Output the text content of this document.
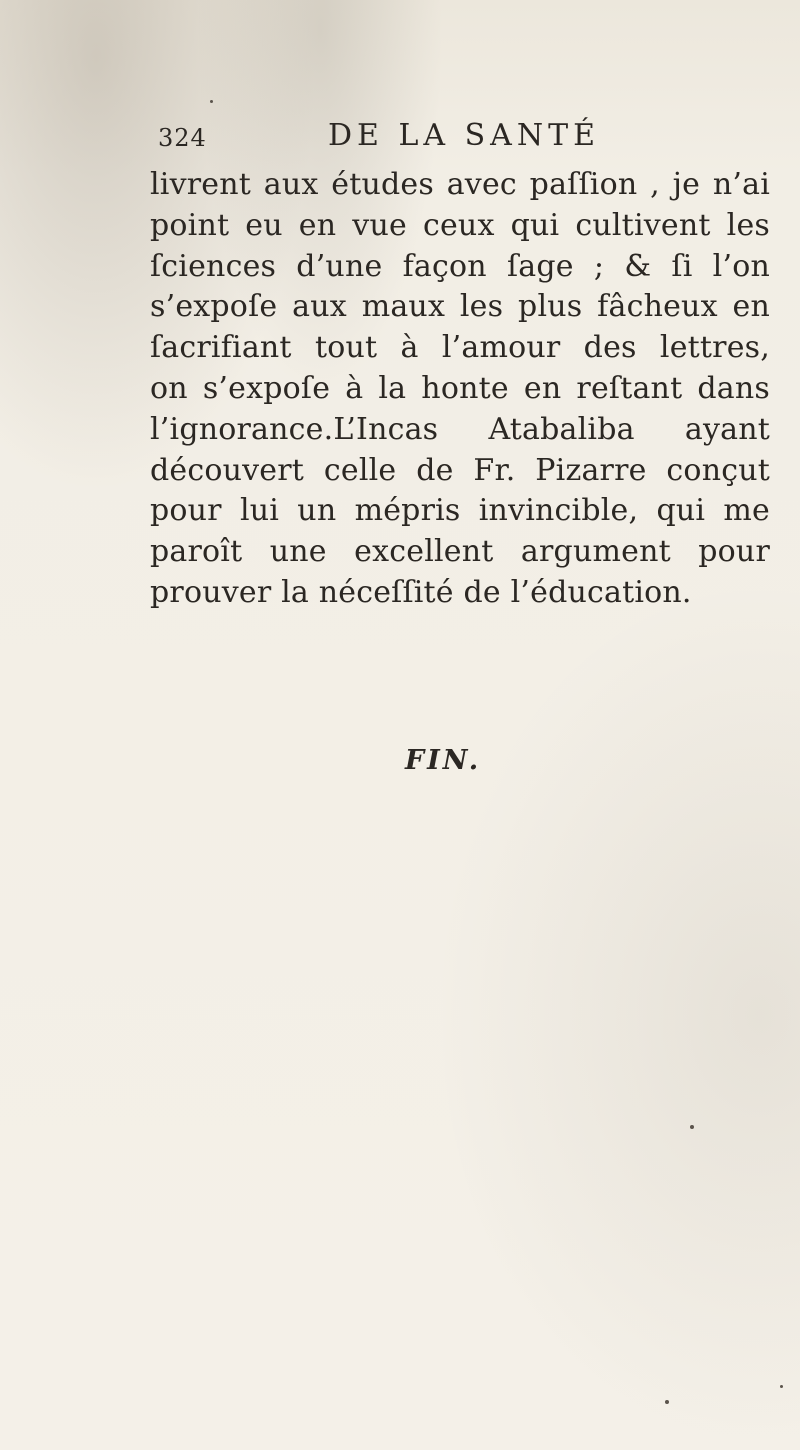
324	DE LA SANTÉ
livrent aux études avec paſſion , je n’ai
point eu en vue ceux qui cultivent les
ſciences d’une façon ſage ; & ſi l’on
s’expoſe aux maux les plus fâcheux en
ſacrifiant tout à l’amour des lettres,
on s’expoſe à la honte en reſtant dans
l’ignorance.L’Incas Atabaliba ayant
découvert celle de Fr. Pizarre conçut
pour lui un mépris invincible, qui me
paroît une excellent argument pour
prouver la néceſſité de l’éducation.
FIN.
